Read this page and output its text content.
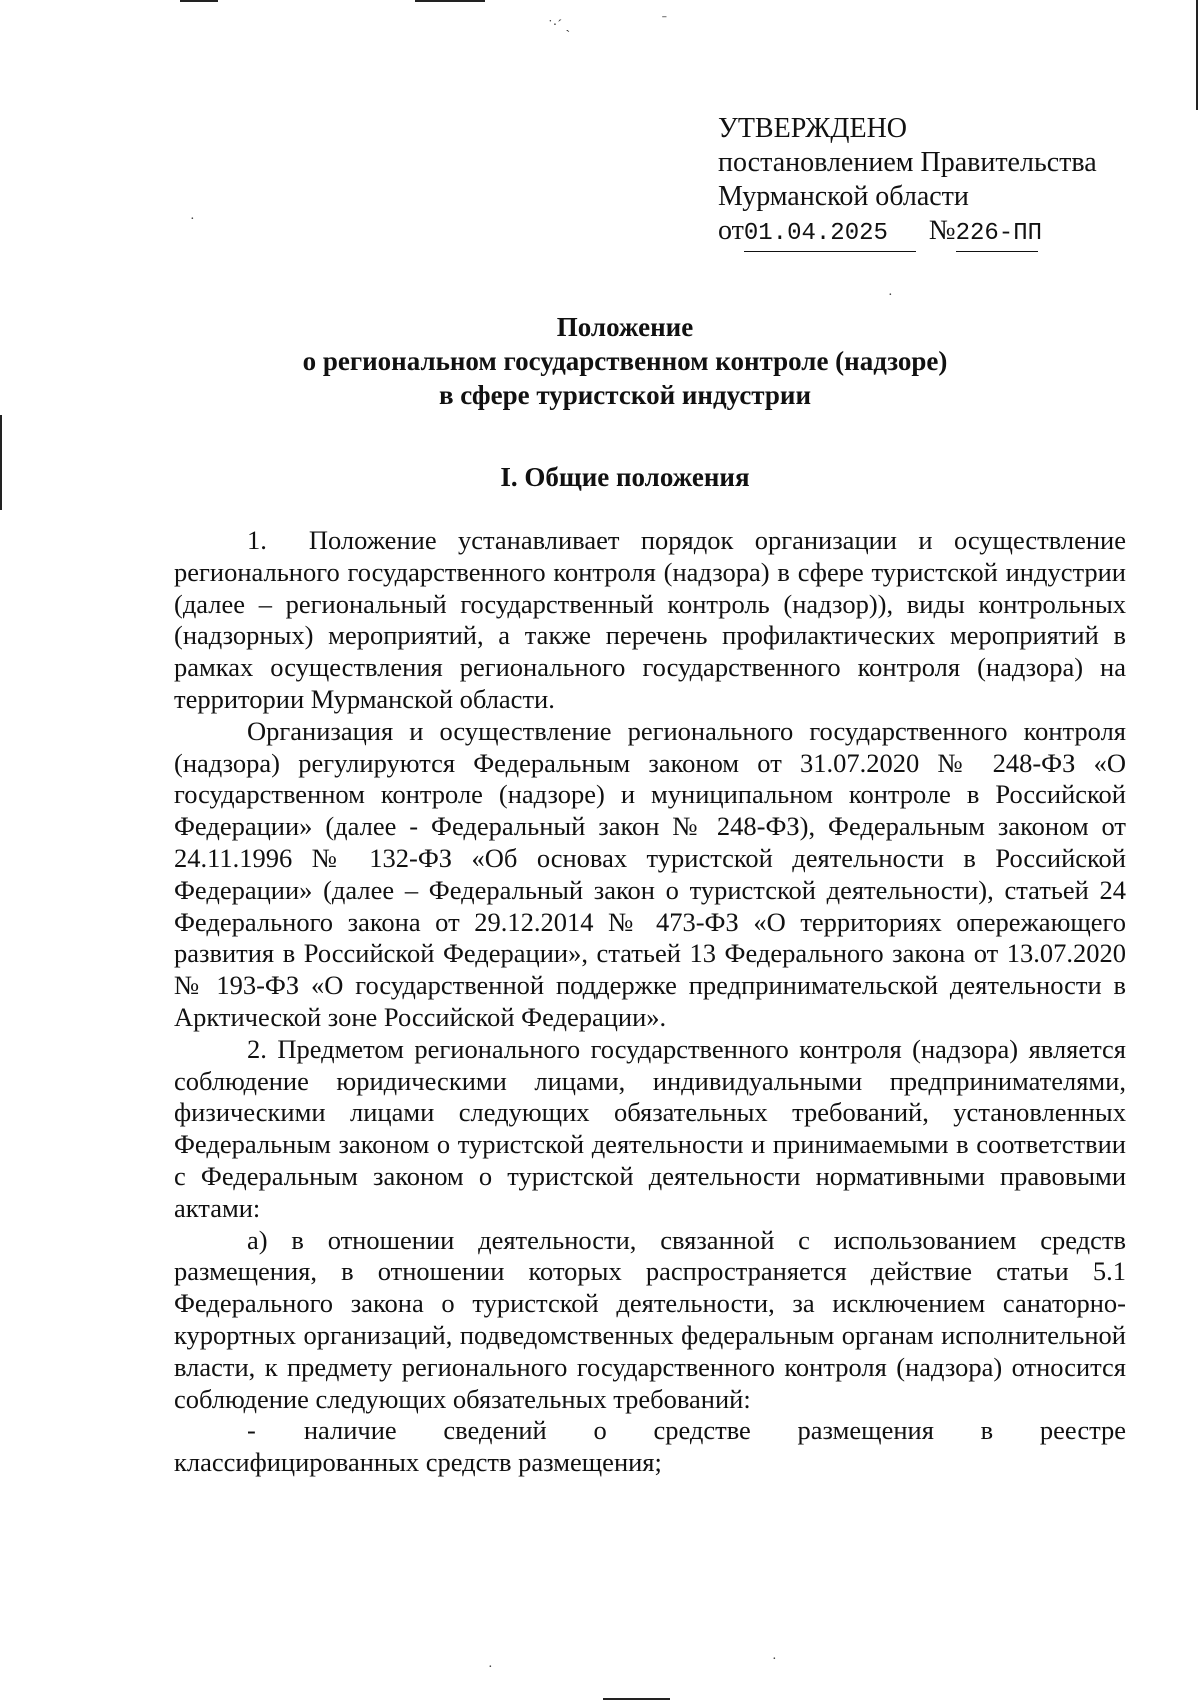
˙·ˊ ˏ	ˉ
·
·
·
·
УТВЕРЖДЕНО
постановлением Правительства
Мурманской области
от01.04.2025 №226-ПП
Положение
о региональном государственном контроле (надзоре)
в сфере туристской индустрии
I. Общие положения

1. Положение устанавливает порядок организации и осуществление регионального государственного контроля (надзора) в сфере туристской индустрии (далее – региональный государственный контроль (надзор)), виды контрольных (надзорных) мероприятий, а также перечень профилактических мероприятий в рамках осуществления регионального государственного контроля (надзора) на территории Мурманской области.

Организация и осуществление регионального государственного контроля (надзора) регулируются Федеральным законом от 31.07.2020 № 248-ФЗ «О государственном контроле (надзоре) и муниципальном контроле в Российской Федерации» (далее - Федеральный закон № 248-ФЗ), Федеральным законом от 24.11.1996 № 132-ФЗ «Об основах туристской деятельности в Российской Федерации» (далее – Федеральный закон о туристской деятельности), статьей 24 Федерального закона от 29.12.2014 № 473-ФЗ «О территориях опережающего развития в Российской Федерации», статьей 13 Федерального закона от 13.07.2020 № 193-ФЗ «О государственной поддержке предпринимательской деятельности в Арктической зоне Российской Федерации».

2. Предметом регионального государственного контроля (надзора) является соблюдение юридическими лицами, индивидуальными предпринимателями, физическими лицами следующих обязательных требований, установленных Федеральным законом о туристской деятельности и принимаемыми в соответствии с Федеральным законом о туристской деятельности нормативными правовыми актами:

а) в отношении деятельности, связанной с использованием средств размещения, в отношении которых распространяется действие статьи 5.1 Федерального закона о туристской деятельности, за исключением санаторно-курортных организаций, подведомственных федеральным органам исполнительной власти, к предмету регионального государственного контроля (надзора) относится соблюдение следующих обязательных требований:

- наличие сведений о средстве размещения в реестре классифицированных средств размещения;
